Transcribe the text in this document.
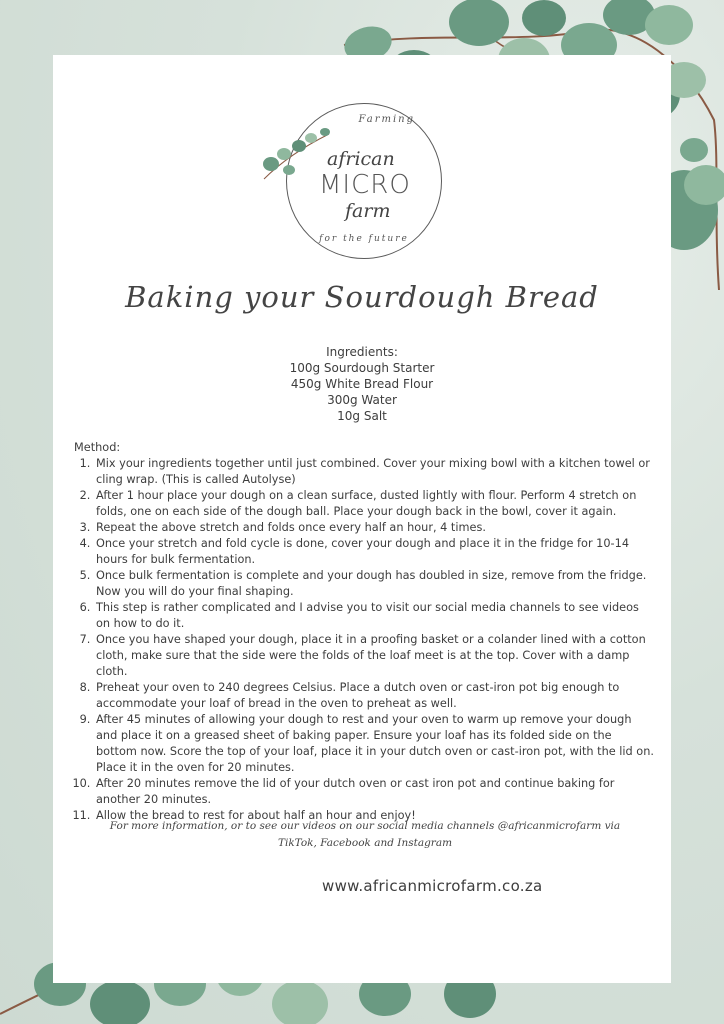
Farming
african
MICRO
farm
for the future
Baking your Sourdough Bread
Ingredients:
100g Sourdough Starter
450g White Bread Flour
300g Water
10g Salt
Method:
1. Mix your ingredients together until just combined. Cover your mixing bowl with a kitchen towel or cling wrap. (This is called Autolyse)
2. After 1 hour place your dough on a clean surface, dusted lightly with flour. Perform 4 stretch on folds, one on each side of the dough ball. Place your dough back in the bowl, cover it again.
3. Repeat the above stretch and folds once every half an hour, 4 times.
4. Once your stretch and fold cycle is done, cover your dough and place it in the fridge for 10-14 hours for bulk fermentation.
5. Once bulk fermentation is complete and your dough has doubled in size, remove from the fridge. Now you will do your final shaping.
6. This step is rather complicated and I advise you to visit our social media channels to see videos on how to do it.
7. Once you have shaped your dough, place it in a proofing basket or a colander lined with a cotton cloth, make sure that the side were the folds of the loaf meet is at the top. Cover with a damp cloth.
8. Preheat your oven to 240 degrees Celsius. Place a dutch oven or cast-iron pot big enough to accommodate your loaf of bread in the oven to preheat as well.
9. After 45 minutes of allowing your dough to rest and your oven to warm up remove your dough and place it on a greased sheet of baking paper. Ensure your loaf has its folded side on the bottom now. Score the top of your loaf, place it in your dutch oven or cast-iron pot, with the lid on. Place it in the oven for 20 minutes.
10. After 20 minutes remove the lid of your dutch oven or cast iron pot and continue baking for another 20 minutes.
11. Allow the bread to rest for about half an hour and enjoy!
For more information, or to see our videos on our social media channels @africanmicrofarm via TikTok, Facebook and Instagram
www.africanmicrofarm.co.za
